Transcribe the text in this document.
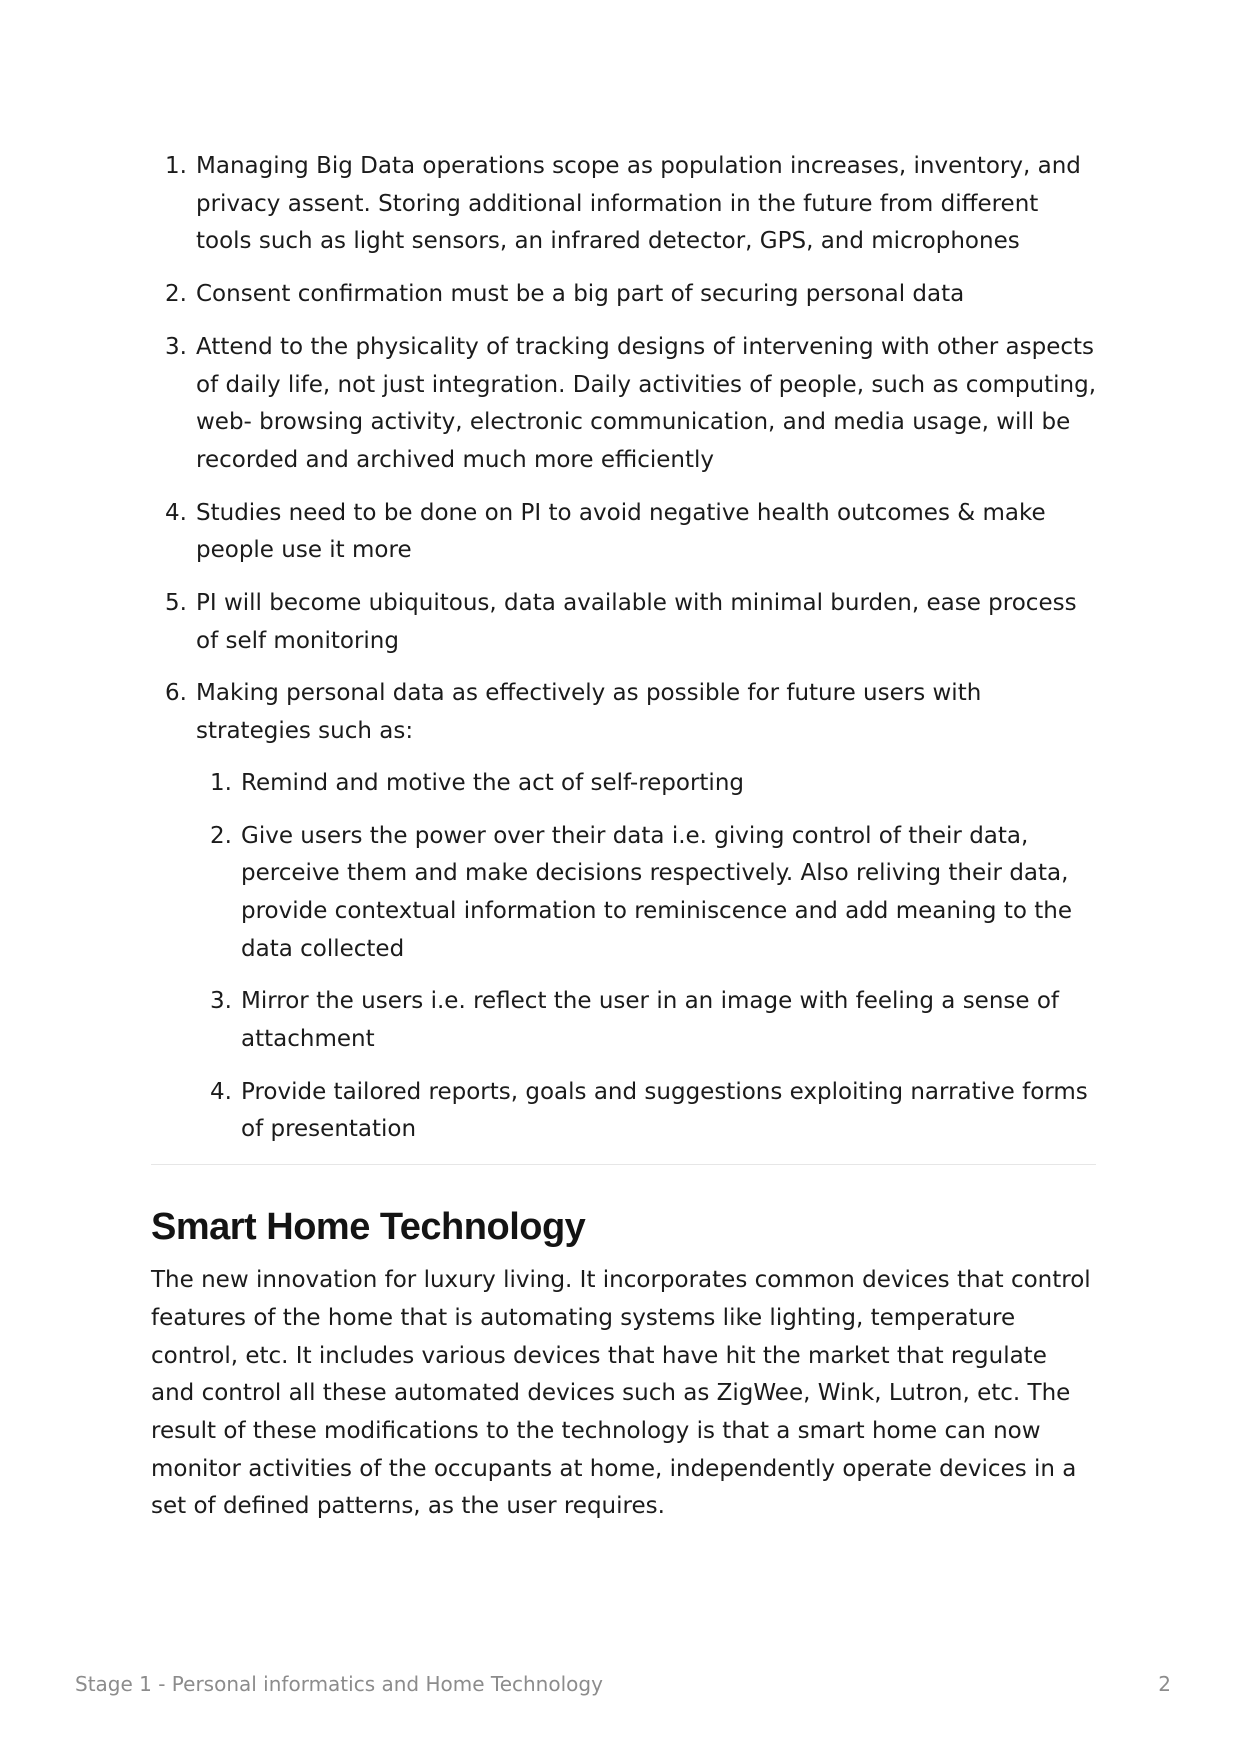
1. Managing Big Data operations scope as population increases, inventory, and privacy assent. Storing additional information in the future from different tools such as light sensors, an infrared detector, GPS, and microphones
2. Consent confirmation must be a big part of securing personal data
3. Attend to the physicality of tracking designs of intervening with other aspects of daily life, not just integration. Daily activities of people, such as computing, web- browsing activity, electronic communication, and media usage, will be recorded and archived much more efficiently
4. Studies need to be done on PI to avoid negative health outcomes & make people use it more
5. PI will become ubiquitous, data available with minimal burden, ease process of self monitoring
6. Making personal data as effectively as possible for future users with strategies such as:
1. Remind and motive the act of self-reporting
2. Give users the power over their data i.e. giving control of their data, perceive them and make decisions respectively. Also reliving their data, provide contextual information to reminiscence and add meaning to the data collected
3. Mirror the users i.e. reflect the user in an image with feeling a sense of attachment
4. Provide tailored reports, goals and suggestions exploiting narrative forms of presentation
Smart Home Technology

The new innovation for luxury living. It incorporates common devices that control features of the home that is automating systems like lighting, temperature control, etc. It includes various devices that have hit the market that regulate and control all these automated devices such as ZigWee, Wink, Lutron, etc. The result of these modifications to the technology is that a smart home can now monitor activities of the occupants at home, independently operate devices in a set of defined patterns, as the user requires.

Stage 1 - Personal informatics and Home Technology	2
